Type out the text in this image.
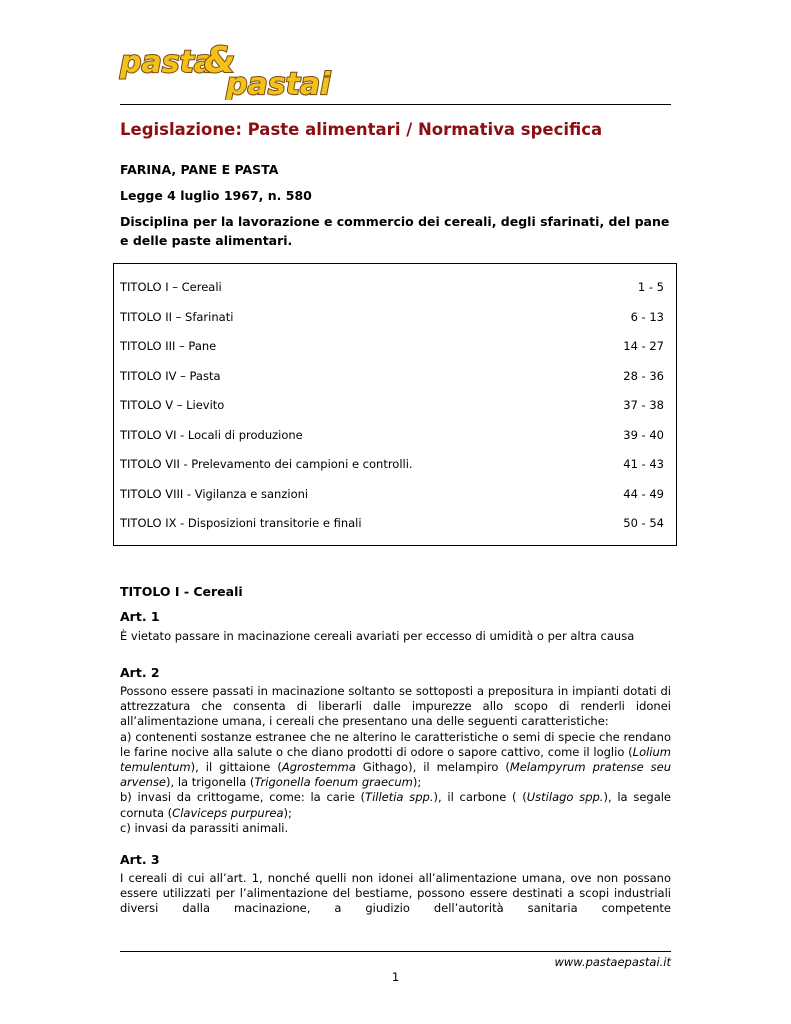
pasta
&
pastai
Legislazione: Paste alimentari / Normativa specifica
FARINA, PANE E PASTA
Legge 4 luglio 1967, n. 580
Disciplina per la lavorazione e commercio dei cereali, degli sfarinati, del pane e delle paste alimentari.
TITOLO I – Cereali	1 - 5
TITOLO II – Sfarinati	6 - 13
TITOLO III – Pane	14 - 27
TITOLO IV – Pasta	28 - 36
TITOLO V – Lievito	37 - 38
TITOLO VI - Locali di produzione	39 - 40
TITOLO VII - Prelevamento dei campioni e controlli.	41 - 43
TITOLO VIII - Vigilanza e sanzioni	44 - 49
TITOLO IX - Disposizioni transitorie e finali	50 - 54
TITOLO I - Cereali
Art. 1

È vietato passare in macinazione cereali avariati per eccesso di umidità o per altra causa

Art. 2

Possono essere passati in macinazione soltanto se sottoposti a prepositura in impianti dotati di attrezzatura che consenta di liberarli dalle impurezze allo scopo di renderli idonei all’alimentazione umana, i cereali che presentano una delle seguenti caratteristiche:

a) contenenti sostanze estranee che ne alterino le caratteristiche o semi di specie che rendano le farine nocive alla salute o che diano prodotti di odore o sapore cattivo, come il loglio (Lolium temulentum), il gittaione (Agrostemma Githago), il melampiro (Melampyrum pratense seu arvense), la trigonella (Trigonella foenum graecum);

b) invasi da crittogame, come: la carie (Tilletia spp.), il carbone ( (Ustilago spp.), la segale cornuta (Claviceps purpurea);

c) invasi da parassiti animali.

Art. 3

I cereali di cui all’art. 1, nonché quelli non idonei all’alimentazione umana, ove non possano essere utilizzati per l’alimentazione del bestiame, possono essere destinati a scopi industriali diversi dalla macinazione, a giudizio dell’autorità sanitaria competente

www.pastaepastai.it
1
